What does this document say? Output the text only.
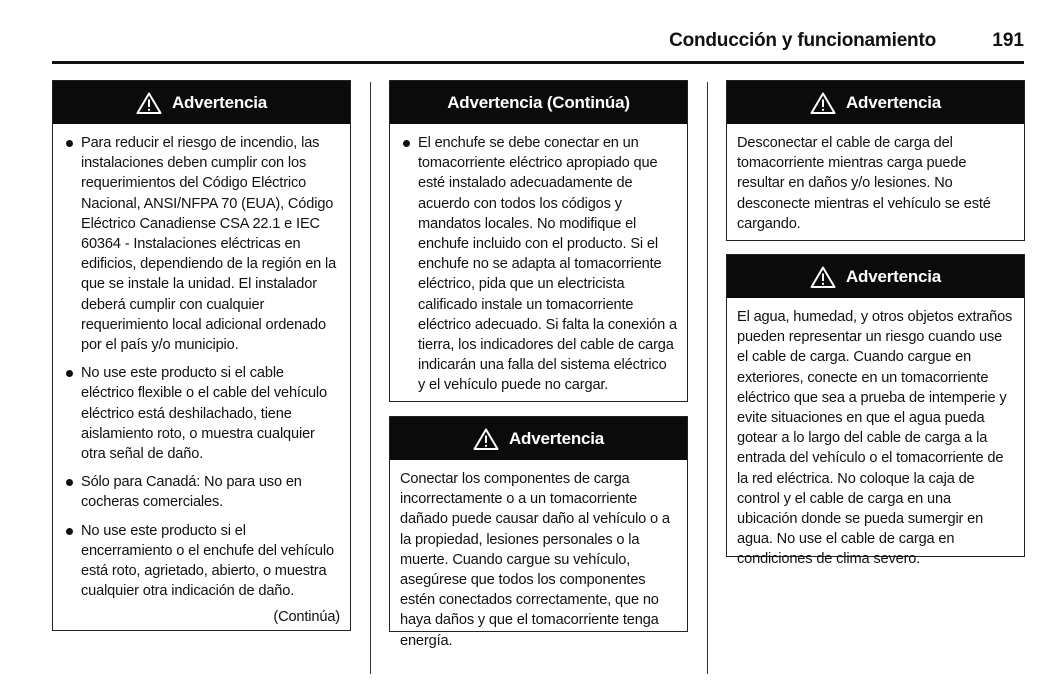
Conducción y funcionamiento	191
Advertencia
Para reducir el riesgo de incendio, las instalaciones deben cumplir con los requerimientos del Código Eléctrico Nacional, ANSI/NFPA 70 (EUA), Código Eléctrico Canadiense CSA 22.1 e IEC 60364 - Instalaciones eléctricas en edificios, dependiendo de la región en la que se instale la unidad. El instalador deberá cumplir con cualquier requerimiento local adicional ordenado por el país y/o municipio.
No use este producto si el cable eléctrico flexible o el cable del vehículo eléctrico está deshilachado, tiene aislamiento roto, o muestra cualquier otra señal de daño.
Sólo para Canadá: No para uso en cocheras comerciales.
No use este producto si el encerramiento o el enchufe del vehículo está roto, agrietado, abierto, o muestra cualquier otra indicación de daño.
(Continúa)
Advertencia (Continúa)
El enchufe se debe conectar en un tomacorriente eléctrico apropiado que esté instalado adecuadamente de acuerdo con todos los códigos y mandatos locales. No modifique el enchufe incluido con el producto. Si el enchufe no se adapta al tomacorriente eléctrico, pida que un electricista calificado instale un tomacorriente eléctrico adecuado. Si falta la conexión a tierra, los indicadores del cable de carga indicarán una falla del sistema eléctrico y el vehículo puede no cargar.
Advertencia

Conectar los componentes de carga incorrectamente o a un tomacorriente dañado puede causar daño al vehículo o a la propiedad, lesiones personales o la muerte. Cuando cargue su vehículo, asegúrese que todos los componentes estén conectados correctamente, que no haya daños y que el tomacorriente tenga energía.

Advertencia

Desconectar el cable de carga del tomacorriente mientras carga puede resultar en daños y/o lesiones. No desconecte mientras el vehículo se esté cargando.

Advertencia

El agua, humedad, y otros objetos extraños pueden representar un riesgo cuando use el cable de carga. Cuando cargue en exteriores, conecte en un tomacorriente eléctrico que sea a prueba de intemperie y evite situaciones en que el agua pueda gotear a lo largo del cable de carga a la entrada del vehículo o el tomacorriente de la red eléctrica. No coloque la caja de control y el cable de carga en una ubicación donde se pueda sumergir en agua. No use el cable de carga en condiciones de clima severo.
